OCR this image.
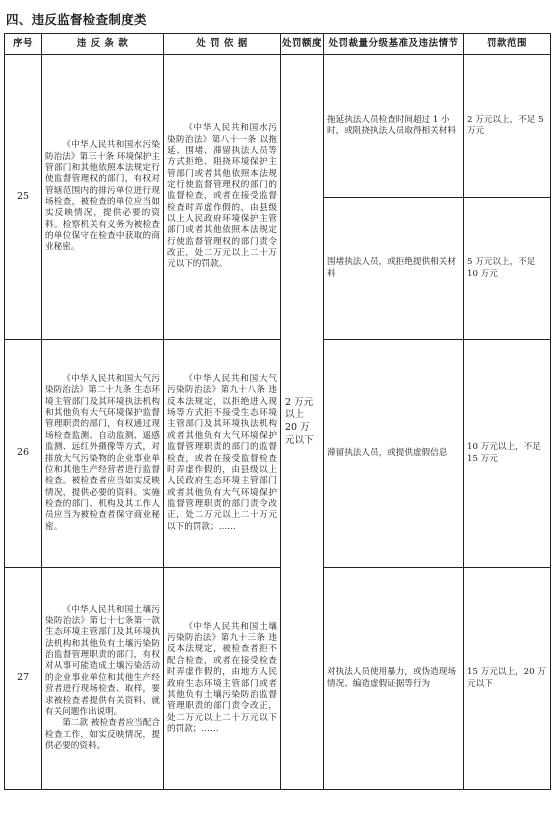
四、违反监督检查制度类
序号	违 反 条 款	处 罚 依 据	处罚额度	处罚裁量分级基准及违法情节	罚款范围
25	《中华人民共和国水污染防治法》第三十条 环境保护主管部门和其他依照本法规定行使监督管理权的部门，有权对管辖范围内的排污单位进行现场检查，被检查的单位应当如实反映情况，提供必要的资料。检察机关有义务为被检查的单位保守在检查中获取的商业秘密。	《中华人民共和国水污染防治法》第八十一条 以拖延、围堵、滞留执法人员等方式拒绝、阻挠环境保护主管部门或者其他依照本法规定行使监督管理权的部门的监督检查，或者在接受监督检查时弄虚作假的，由县级以上人民政府环境保护主管部门或者其他依照本法规定行使监督管理权的部门责令改正，处二万元以上二十万元以下的罚款。	2 万元以上 20 万元以下	拖延执法人员检查时间超过 1 小时，或阻挠执法人员取得相关材料	2 万元以上，不足 5 万元
				围堵执法人员，或拒绝提供相关材料	5 万元以上，不足 10 万元
26	《中华人民共和国大气污染防治法》第二十九条 生态环境主管部门及其环境执法机构和其他负有大气环境保护监督管理职责的部门，有权通过现场检查监测、自动监测、遥感监测、远红外摄像等方式，对排放大气污染物的企业事业单位和其他生产经营者进行监督检查。被检查者应当如实反映情况，提供必要的资料。实施检查的部门、机构及其工作人员应当为被检查者保守商业秘密。	《中华人民共和国大气污染防治法》第九十八条 违反本法规定，以拒绝进入现场等方式拒不接受生态环境主管部门及其环境执法机构或者其他负有大气环境保护监督管理职责的部门的监督检查，或者在接受监督检查时弄虚作假的，由县级以上人民政府生态环境主管部门或者其他负有大气环境保护监督管理职责的部门责令改正，处二万元以上二十万元以下的罚款；……		滞留执法人员，或提供虚假信息	10 万元以上，不足 15 万元
27	《中华人民共和国土壤污染防治法》第七十七条第一款 生态环境主管部门及其环境执法机构和其他负有土壤污染防治监督管理职责的部门，有权对从事可能造成土壤污染活动的企业事业单位和其他生产经营者进行现场检查、取样，要求被检查者提供有关资料、就有关问题作出说明。
第二款 被检查者应当配合检查工作，如实反映情况，提供必要的资料。	《中华人民共和国土壤污染防治法》第九十三条 违反本法规定，被检查者拒不配合检查，或者在接受检查时弄虚作假的，由地方人民政府生态环境主管部门或者其他负有土壤污染防治监督管理职责的部门责令改正，处二万元以上二十万元以下的罚款；……		对执法人员使用暴力，或伪造现场情况、编造虚假证据等行为	15 万元以上，20 万元以下
